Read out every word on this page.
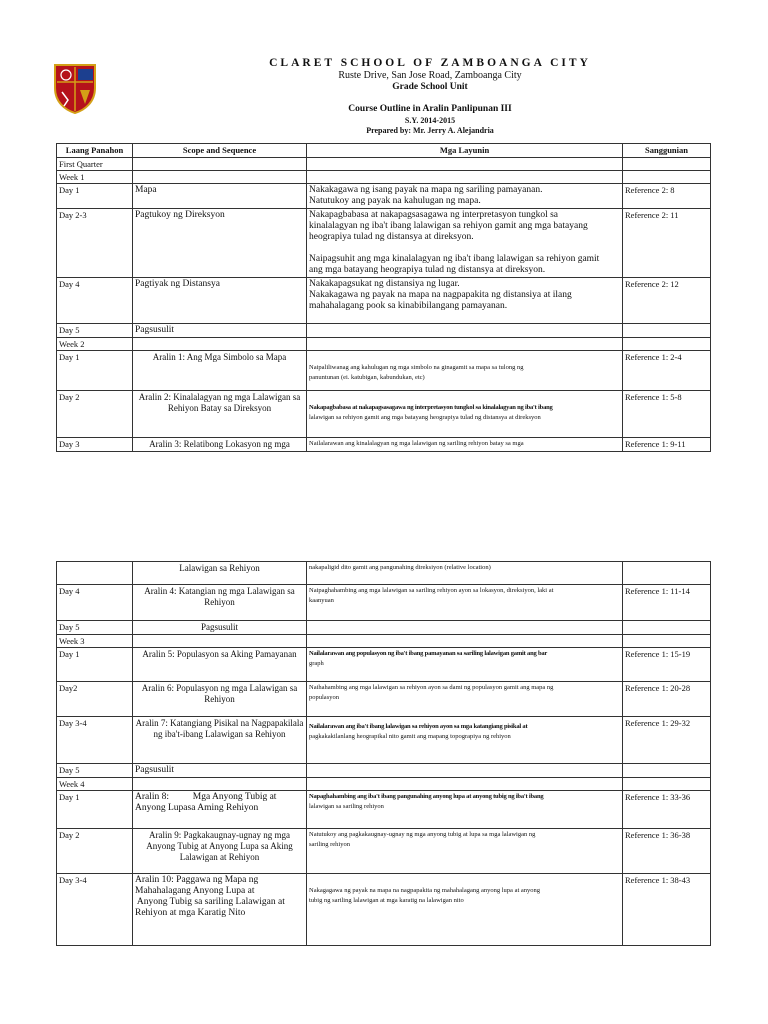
CLARET SCHOOL OF ZAMBOANGA CITY
Ruste Drive, San Jose Road, Zamboanga City
Grade School Unit
Course Outline in Aralin Panlipunan III
S.Y. 2014-2015
Prepared by: Mr. Jerry A. Alejandria
Laang Panahon	Scope and Sequence	Mga Layunin	Sanggunian
First Quarter			
Week 1			
Day 1	Mapa	Nakakagawa ng isang payak na mapa ng sariling pamayanan.
Natutukoy ang payak na kahulugan ng mapa.	Reference 2: 8
Day 2-3	Pagtukoy ng Direksyon	Nakapagbabasa at nakapagsasagawa ng interpretasyon tungkol sa
kinalalagyan ng iba't ibang lalawigan sa rehiyon gamit ang mga batayang
heograpiya tulad ng distansya at direksyon.
Naipagsuhit ang mga kinalalagyan ng iba't ibang lalawigan sa rehiyon gamit
ang mga batayang heograpiya tulad ng distansya at direksyon.	Reference 2: 11
Day 4	Pagtiyak ng Distansya	Nakakapagsukat ng distansiya ng lugar.
Nakakagawa ng payak na mapa na nagpapakita ng distansiya at ilang
mahahalagang pook sa kinabibilangang pamayanan.	Reference 2: 12
Day 5	Pagsusulit		
Week 2			
Day 1	Aralin 1: Ang Mga Simbolo sa Mapa	Naipaliliwanag ang kahulugan ng mga simbolo na ginagamit sa mapa sa tulong ng
panuntunan (ei. katubigan, kabundukan, etc)	Reference 1: 2-4
Day 2	Aralin 2: Kinalalagyan ng mga Lalawigan sa Rehiyon Batay sa Direksyon	Nakapagbabasa at nakapagsasagawa ng interpretasyon tungkol sa kinalalagyan ng iba't ibang
lalawigan sa rehiyon gamit ang mga batayang heograpiya tulad ng distansya at direksyon	Reference 1: 5-8
Day 3	Aralin 3: Relatibong Lokasyon ng mga	Nailalarawan ang kinalalagyan ng mga lalawigan ng sariling rehiyon batay sa mga	Reference 1: 9-11
	Lalawigan sa Rehiyon	nakapaligid dito gamit ang pangunahing direksiyon (relative location)	

Day 4	Aralin 4: Katangian ng mga Lalawigan sa Rehiyon	Naipaghahambing ang mga lalawigan sa sariling rehiyon ayon sa lokasyon, direksiyon, laki at
kaanyuan	Reference 1: 11-14
Day 5	Pagsusulit		
Week 3			
Day 1	Aralin 5: Populasyon sa Aking Pamayanan	Nailalarawan ang populasyon ng iba't ibang pamayanan sa sariling lalawigan gamit ang bar
graph	Reference 1: 15-19
Day2	Aralin 6: Populasyon ng mga Lalawigan sa Rehiyon	Naihahambing ang mga lalawigan sa rehiyon ayon sa dami ng populasyon gamit ang mapa ng
populasyon	Reference 1: 20-28
Day 3-4	Aralin 7: Katangiang Pisikal na Nagpapakilala ng iba't-ibang Lalawigan sa Rehiyon	Nailalarawan ang iba't ibang lalawigan sa rehiyon ayon sa mga katangiang pisikal at
pagkakakilanlang heograpikal nito gamit ang mapang topograpiya ng rehiyon	Reference 1: 29-32
Day 5	Pagsusulit		
Week 4			
Day 1	Aralin 8:          Mga Anyong Tubig at Anyong Lupasa Aming Rehiyon	Napaghahambing ang iba't ibang pangunahing anyong lupa at anyong tubig ng iba't ibang
lalawigan sa sariling rehiyon	Reference 1: 33-36
Day 2	Aralin 9: Pagkakaugnay-ugnay ng mga Anyong Tubig at Anyong Lupa sa Aking Lalawigan at Rehiyon	Natutukoy ang pagkakaugnay-ugnay ng mga anyong tubig at lupa sa mga lalawigan ng
sariling rehiyon	Reference 1: 36-38
Day 3-4	Aralin 10: Paggawa ng Mapa ng
Mahahalagang Anyong Lupa at
Anyong Tubig sa sariling Lalawigan at
Rehiyon at mga Karatig Nito	Nakagagawa ng payak na mapa na nagpapakita ng mahahalagang anyong lupa at anyong
tubig ng sariling lalawigan at mga karatig na lalawigan nito	Reference 1: 38-43
